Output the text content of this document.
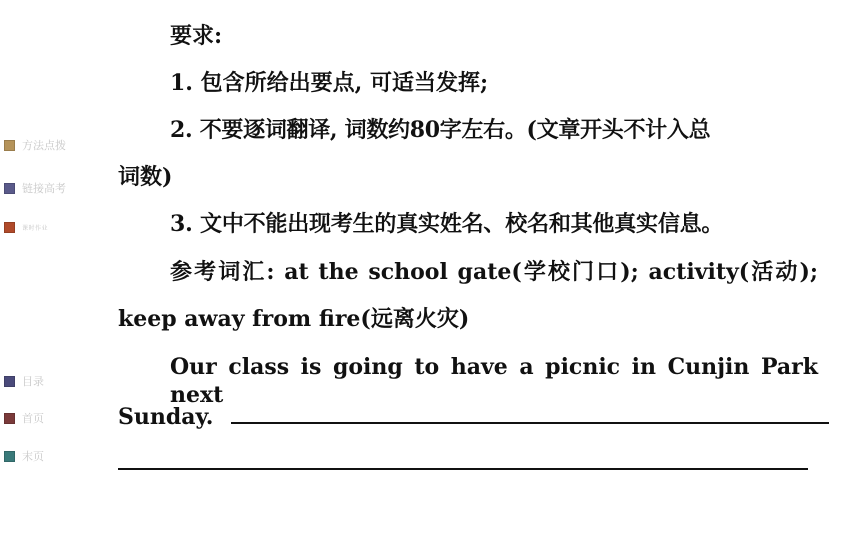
方法点拨
链接高考
课时作业
目录
首页
末页
要求:
1. 包含所给出要点, 可适当发挥;
2. 不要逐词翻译, 词数约80字左右。(文章开头不计入总
词数)
3. 文中不能出现考生的真实姓名、校名和其他真实信息。
参考词汇: at the school gate(学校门口); activity(活动);
keep away from fire(远离火灾)
Our class is going to have a picnic in Cunjin Park next
Sunday.
